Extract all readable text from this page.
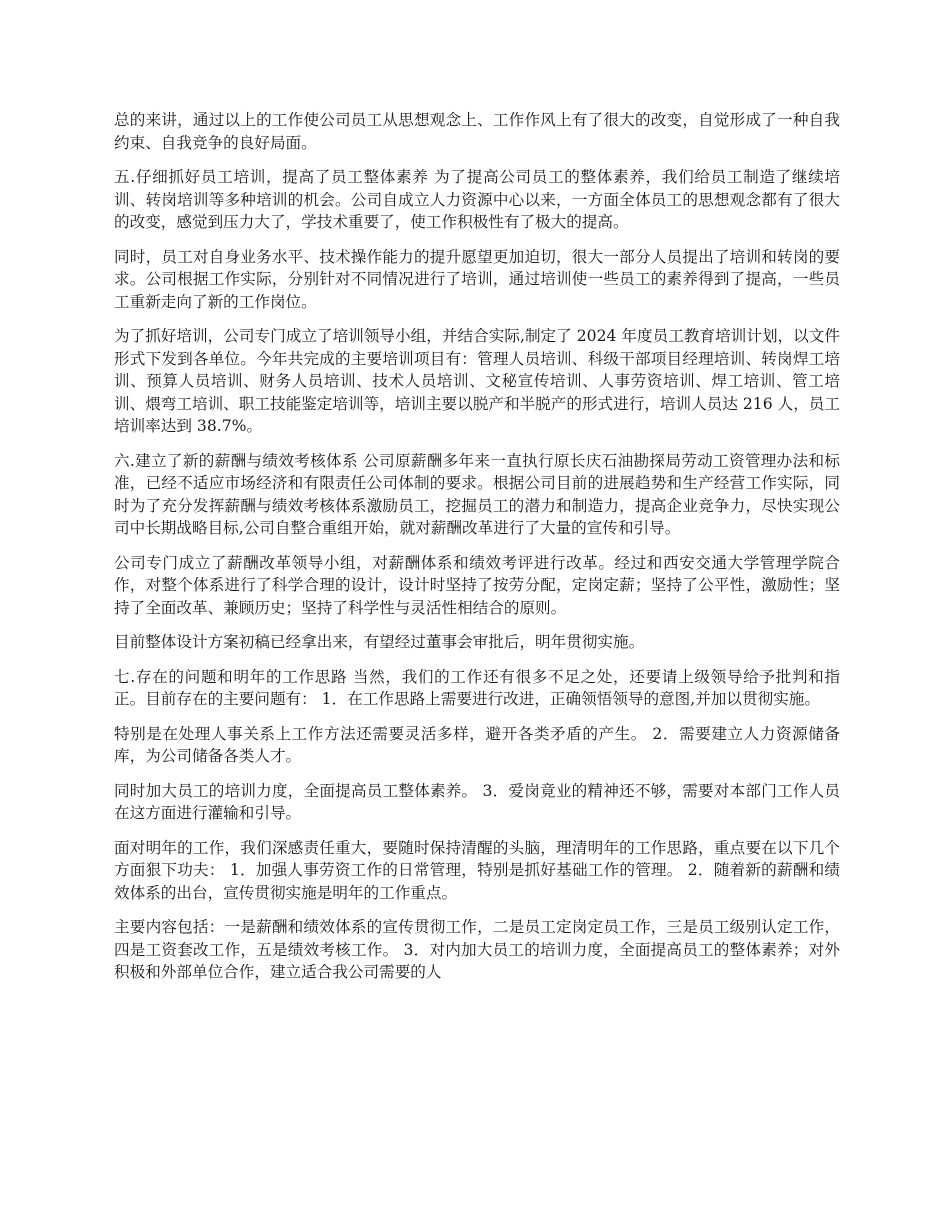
总的来讲，通过以上的工作使公司员工从思想观念上、工作作风上有了很大的改变，自觉形成了一种自我约束、自我竞争的良好局面。

五.仔细抓好员工培训，提高了员工整体素养 为了提高公司员工的整体素养，我们给员工制造了继续培训、转岗培训等多种培训的机会。公司自成立人力资源中心以来，一方面全体员工的思想观念都有了很大的改变，感觉到压力大了，学技术重要了，使工作积极性有了极大的提高。

同时，员工对自身业务水平、技术操作能力的提升愿望更加迫切，很大一部分人员提出了培训和转岗的要求。公司根据工作实际，分别针对不同情况进行了培训，通过培训使一些员工的素养得到了提高，一些员工重新走向了新的工作岗位。

为了抓好培训，公司专门成立了培训领导小组，并结合实际,制定了 2024 年度员工教育培训计划，以文件形式下发到各单位。今年共完成的主要培训项目有：管理人员培训、科级干部项目经理培训、转岗焊工培训、预算人员培训、财务人员培训、技术人员培训、文秘宣传培训、人事劳资培训、焊工培训、管工培训、煨弯工培训、职工技能鉴定培训等，培训主要以脱产和半脱产的形式进行，培训人员达 216 人，员工培训率达到 38.7%。

六.建立了新的薪酬与绩效考核体系 公司原薪酬多年来一直执行原长庆石油勘探局劳动工资管理办法和标准，已经不适应市场经济和有限责任公司体制的要求。根据公司目前的进展趋势和生产经营工作实际，同时为了充分发挥薪酬与绩效考核体系激励员工，挖掘员工的潜力和制造力，提高企业竞争力，尽快实现公司中长期战略目标,公司自整合重组开始，就对薪酬改革进行了大量的宣传和引导。

公司专门成立了薪酬改革领导小组，对薪酬体系和绩效考评进行改革。经过和西安交通大学管理学院合作，对整个体系进行了科学合理的设计，设计时坚持了按劳分配，定岗定薪；坚持了公平性，激励性；坚持了全面改革、兼顾历史；坚持了科学性与灵活性相结合的原则。

目前整体设计方案初稿已经拿出来，有望经过董事会审批后，明年贯彻实施。

七.存在的问题和明年的工作思路 当然，我们的工作还有很多不足之处，还要请上级领导给予批判和指正。目前存在的主要问题有： 1．在工作思路上需要进行改进，正确领悟领导的意图,并加以贯彻实施。

特别是在处理人事关系上工作方法还需要灵活多样，避开各类矛盾的产生。 2．需要建立人力资源储备库，为公司储备各类人才。

同时加大员工的培训力度，全面提高员工整体素养。 3．爱岗竟业的精神还不够，需要对本部门工作人员在这方面进行灌输和引导。

面对明年的工作，我们深感责任重大，要随时保持清醒的头脑，理清明年的工作思路，重点要在以下几个方面狠下功夫： 1．加强人事劳资工作的日常管理，特别是抓好基础工作的管理。 2．随着新的薪酬和绩效体系的出台，宣传贯彻实施是明年的工作重点。

主要内容包括：一是薪酬和绩效体系的宣传贯彻工作，二是员工定岗定员工作，三是员工级别认定工作，四是工资套改工作，五是绩效考核工作。 3．对内加大员工的培训力度，全面提高员工的整体素养；对外积极和外部单位合作，建立适合我公司需要的人
